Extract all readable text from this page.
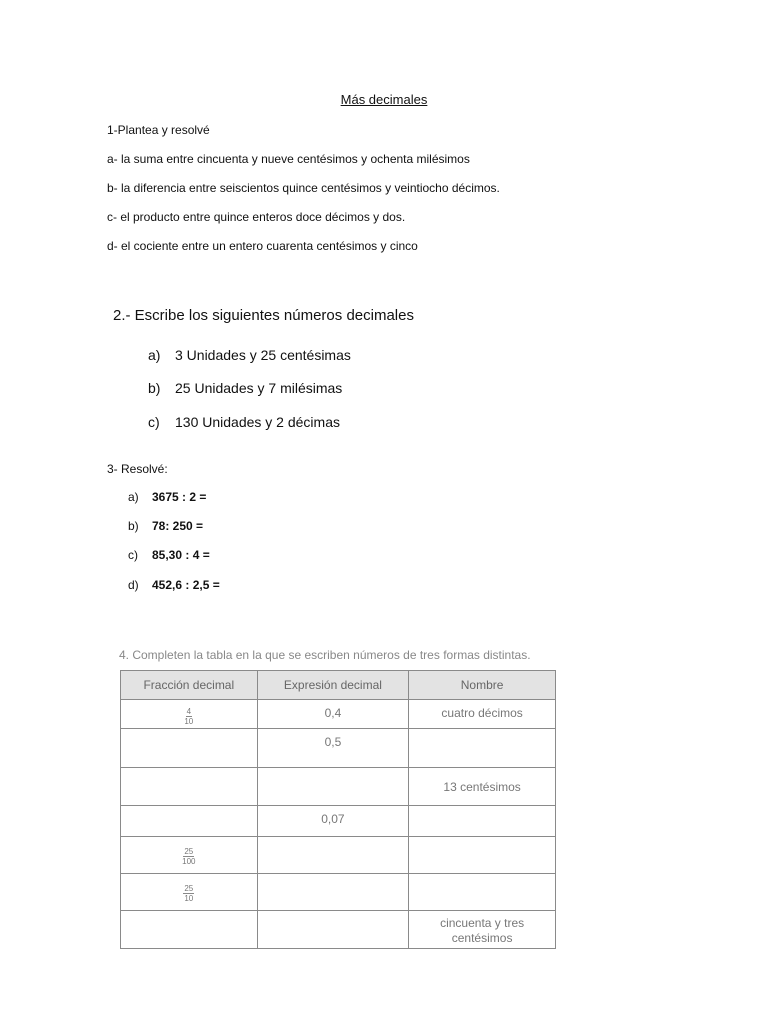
Más decimales
1-Plantea y resolvé
a- la suma entre cincuenta y nueve centésimos y ochenta milésimos
b- la diferencia entre seiscientos quince centésimos y veintiocho décimos.
c- el producto entre quince enteros doce décimos y dos.
d- el cociente entre un entero cuarenta centésimos y cinco
2.- Escribe los siguientes números decimales
a) 3 Unidades y 25 centésimas
b) 25 Unidades y 7 milésimas
c) 130 Unidades y 2 décimas
3- Resolvé:
a) 3675 : 2 =
b) 78: 250 =
c) 85,30 : 4 =
d) 452,6 : 2,5 =
4. Completen la tabla en la que se escriben números de tres formas distintas.
Fracción decimal	Expresión decimal	Nombre

$\frac{4}{10}$	0,4	cuatro décimos
	0,5	
		13 centésimos
	0,07	

$\frac{25}{100}$

$\frac{25}{10}$

		cincuenta y tres centésimos
